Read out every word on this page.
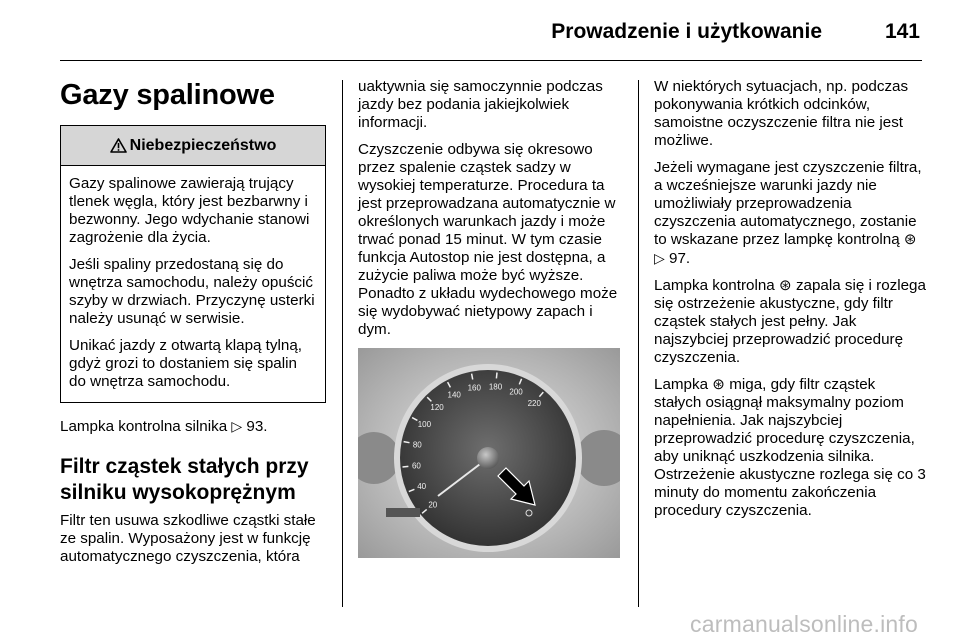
Prowadzenie i użytkowanie	141
Gazy spalinowe
Niebezpieczeństwo

Gazy spalinowe zawierają trujący tlenek węgla, który jest bezbarwny i bezwonny. Jego wdychanie stanowi zagrożenie dla życia.

Jeśli spaliny przedostaną się do wnętrza samochodu, należy opuścić szyby w drzwiach. Przyczynę usterki należy usunąć w serwisie.

Unikać jazdy z otwartą klapą tylną, gdyż grozi to dostaniem się spalin do wnętrza samochodu.

Lampka kontrolna silnika ▷ 93.

Filtr cząstek stałych przy silniku wysokoprężnym

Filtr ten usuwa szkodliwe cząstki stałe ze spalin. Wyposażony jest w funkcję automatycznego czyszczenia, która

uaktywnia się samoczynnie podczas jazdy bez podania jakiejkolwiek informacji.

Czyszczenie odbywa się okresowo przez spalenie cząstek sadzy w wysokiej temperaturze. Procedura ta jest przeprowadzana automatycznie w określonych warunkach jazdy i może trwać ponad 15 minut. W tym czasie funkcja Autostop nie jest dostępna, a zużycie paliwa może być wyższe. Ponadto z układu wydechowego może się wydobywać nietypowy zapach i dym.

20
40
60
80
100
120
140
160 180
200
220

W niektórych sytuacjach, np. podczas pokonywania krótkich odcinków, samoistne oczyszczenie filtra nie jest możliwe.

Jeżeli wymagane jest czyszczenie filtra, a wcześniejsze warunki jazdy nie umożliwiały przeprowadzenia czyszczenia automatycznego, zostanie to wskazane przez lampkę kontrolną ⊛ ▷ 97.

Lampka kontrolna ⊛ zapala się i rozlega się ostrzeżenie akustyczne, gdy filtr cząstek stałych jest pełny. Jak najszybciej przeprowadzić procedurę czyszczenia.

Lampka ⊛ miga, gdy filtr cząstek stałych osiągnął maksymalny poziom napełnienia. Jak najszybciej przeprowadzić procedurę czyszczenia, aby uniknąć uszkodzenia silnika. Ostrzeżenie akustyczne rozlega się co 3 minuty do momentu zakończenia procedury czyszczenia.

carmanualsonline.info
